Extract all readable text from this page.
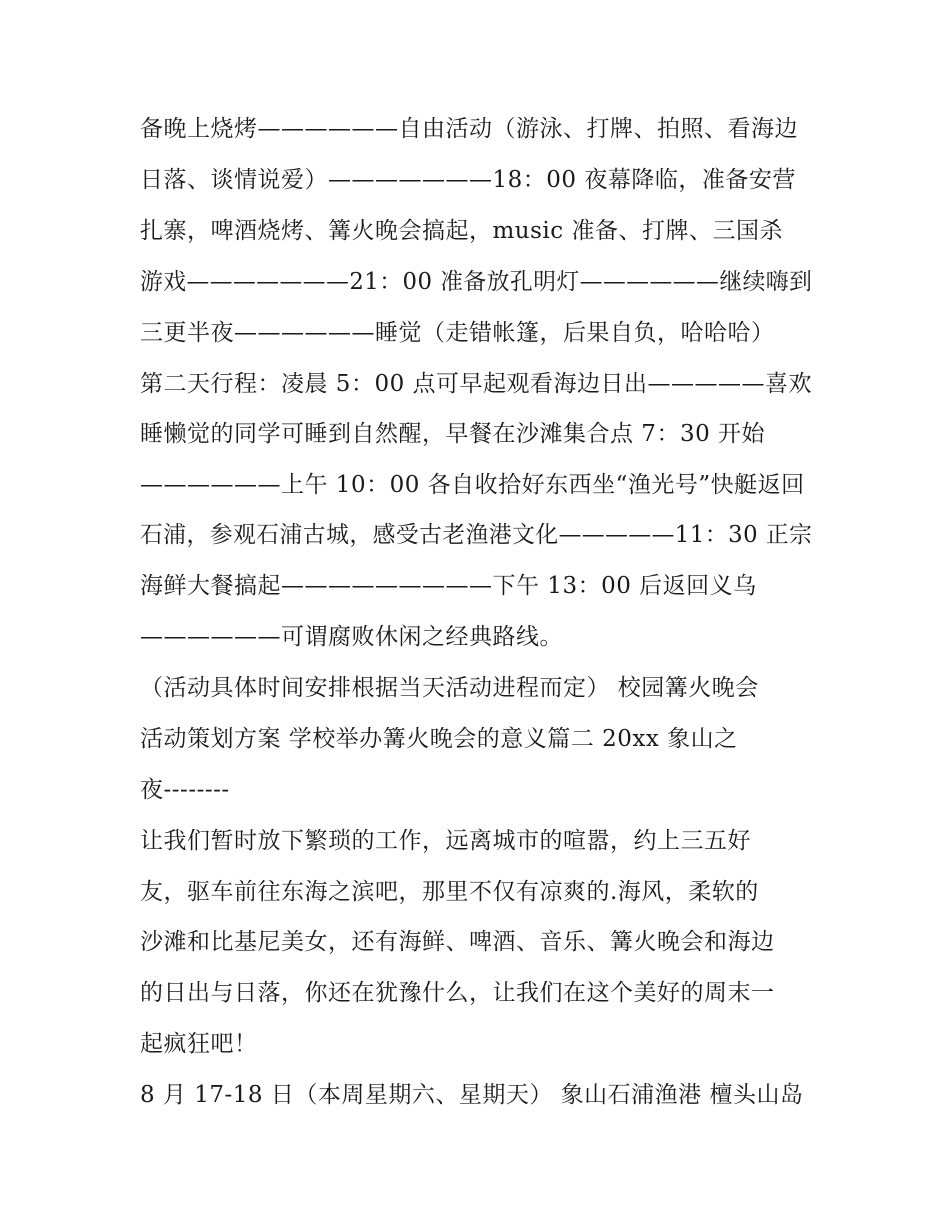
备晚上烧烤——————自由活动（游泳、打牌、拍照、看海边
日落、谈情说爱）———————18：00 夜幕降临，准备安营
扎寨，啤酒烧烤、篝火晚会搞起，music 准备、打牌、三国杀
游戏———————21：00 准备放孔明灯——————继续嗨到
三更半夜——————睡觉（走错帐篷，后果自负，哈哈哈）
第二天行程：凌晨 5：00 点可早起观看海边日出—————喜欢
睡懒觉的同学可睡到自然醒，早餐在沙滩集合点 7：30 开始
——————上午 10：00 各自收拾好东西坐“渔光号”快艇返回
石浦，参观石浦古城，感受古老渔港文化—————11：30 正宗
海鲜大餐搞起—————————下午 13：00 后返回义乌
——————可谓腐败休闲之经典路线。
（活动具体时间安排根据当天活动进程而定） 校园篝火晚会
活动策划方案 学校举办篝火晚会的意义篇二 20xx 象山之
夜--------
让我们暂时放下繁琐的工作，远离城市的喧嚣，约上三五好
友，驱车前往东海之滨吧，那里不仅有凉爽的.海风，柔软的
沙滩和比基尼美女，还有海鲜、啤酒、音乐、篝火晚会和海边
的日出与日落，你还在犹豫什么，让我们在这个美好的周末一
起疯狂吧！
8 月 17-18 日（本周星期六、星期天） 象山石浦渔港 檀头山岛
